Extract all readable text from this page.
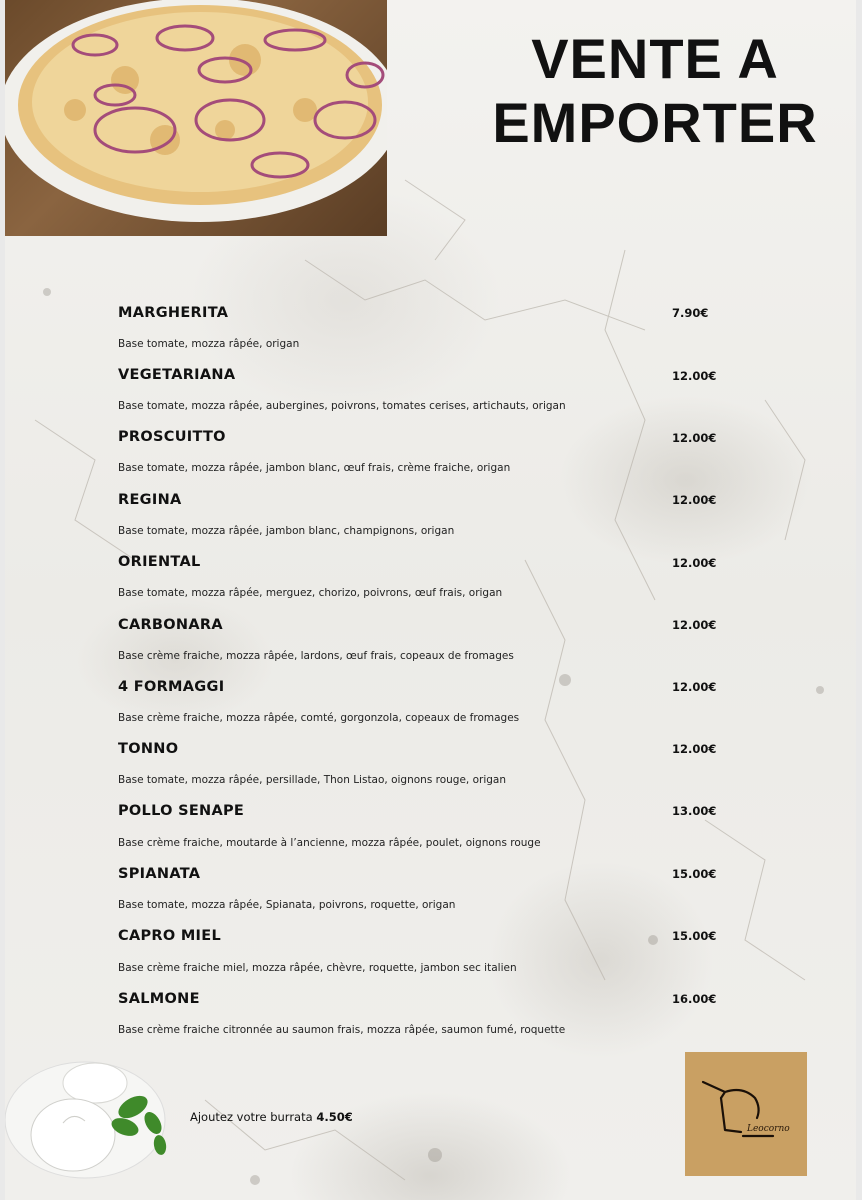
VENTE A
EMPORTER
MARGHERITA	7.90€
Base tomate, mozza râpée, origan
VEGETARIANA	12.00€
Base tomate, mozza râpée, aubergines, poivrons, tomates cerises, artichauts, origan
PROSCUITTO	12.00€
Base tomate, mozza râpée, jambon blanc, œuf frais, crème fraiche, origan
REGINA	12.00€
Base tomate, mozza râpée, jambon blanc, champignons, origan
ORIENTAL	12.00€
Base tomate, mozza râpée, merguez, chorizo, poivrons, œuf frais, origan
CARBONARA	12.00€
Base crème fraiche, mozza râpée, lardons, œuf frais, copeaux de fromages
4 FORMAGGI	12.00€
Base crème fraiche, mozza râpée, comté, gorgonzola, copeaux de fromages
TONNO	12.00€
Base tomate, mozza râpée, persillade, Thon Listao, oignons rouge, origan
POLLO SENAPE	13.00€
Base crème fraiche, moutarde à l’ancienne, mozza râpée, poulet, oignons rouge
SPIANATA	15.00€
Base tomate, mozza râpée, Spianata, poivrons, roquette, origan
CAPRO MIEL	15.00€
Base crème fraiche miel, mozza râpée, chèvre, roquette, jambon sec italien
SALMONE	16.00€
Base crème fraiche citronnée au saumon frais, mozza râpée, saumon fumé, roquette
Ajoutez votre burrata 4.50€
Leocorno
